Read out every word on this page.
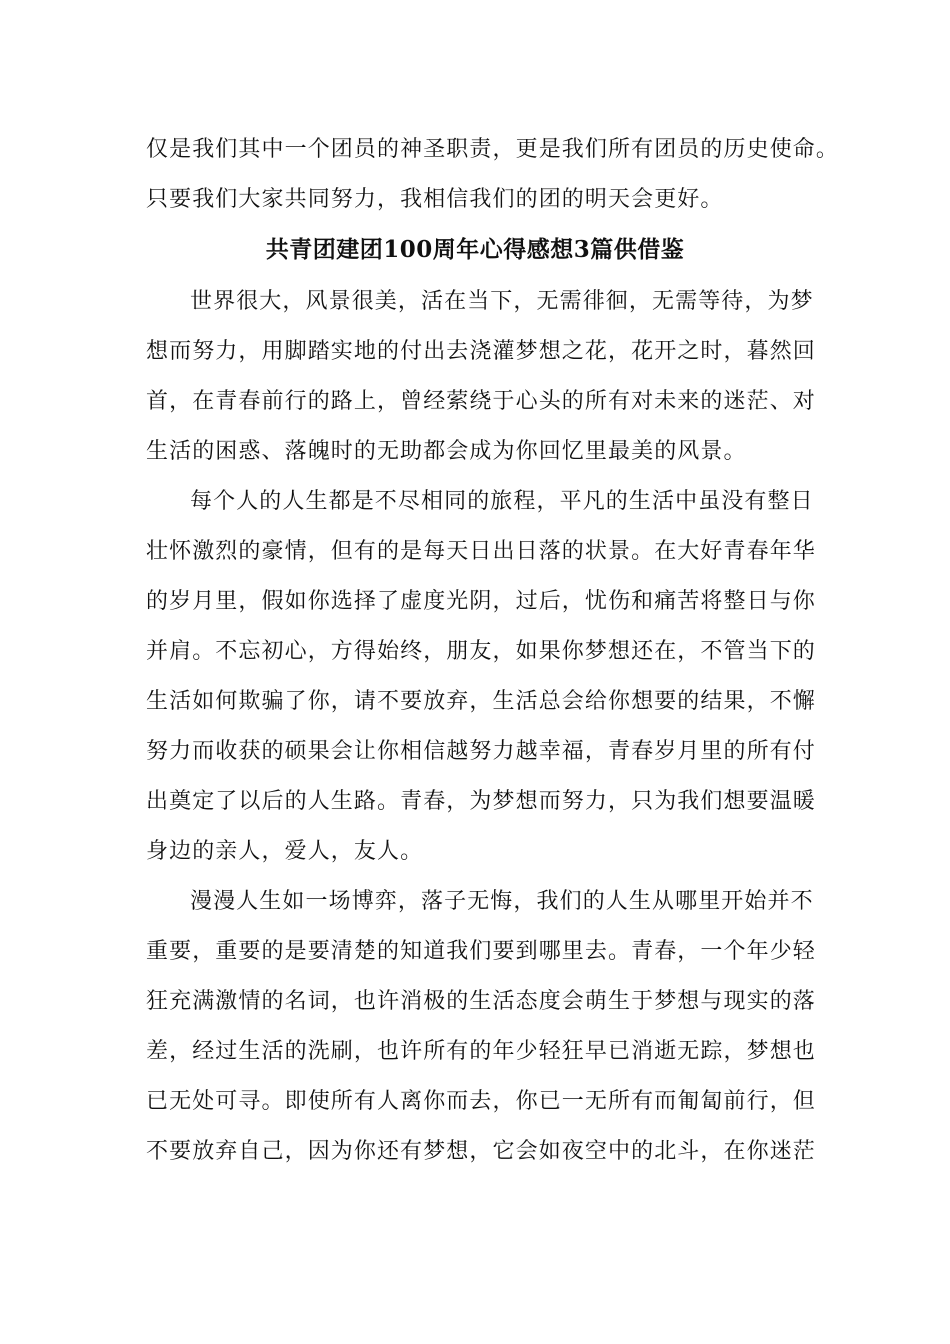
仅是我们其中一个团员的神圣职责，更是我们所有团员的历史使命。
只要我们大家共同努力，我相信我们的团的明天会更好。
共青团建团100周年心得感想3篇供借鉴
世界很大，风景很美，活在当下，无需徘徊，无需等待，为梦
想而努力，用脚踏实地的付出去浇灌梦想之花，花开之时，暮然回
首，在青春前行的路上，曾经萦绕于心头的所有对未来的迷茫、对
生活的困惑、落魄时的无助都会成为你回忆里最美的风景。
每个人的人生都是不尽相同的旅程，平凡的生活中虽没有整日
壮怀激烈的豪情，但有的是每天日出日落的状景。在大好青春年华
的岁月里，假如你选择了虚度光阴，过后，忧伤和痛苦将整日与你
并肩。不忘初心，方得始终，朋友，如果你梦想还在，不管当下的
生活如何欺骗了你，请不要放弃，生活总会给你想要的结果，不懈
努力而收获的硕果会让你相信越努力越幸福，青春岁月里的所有付
出奠定了以后的人生路。青春，为梦想而努力，只为我们想要温暖
身边的亲人，爱人，友人。
漫漫人生如一场博弈，落子无悔，我们的人生从哪里开始并不
重要，重要的是要清楚的知道我们要到哪里去。青春，一个年少轻
狂充满激情的名词，也许消极的生活态度会萌生于梦想与现实的落
差，经过生活的洗刷，也许所有的年少轻狂早已消逝无踪，梦想也
已无处可寻。即使所有人离你而去，你已一无所有而匍匐前行，但
不要放弃自己，因为你还有梦想，它会如夜空中的北斗，在你迷茫
